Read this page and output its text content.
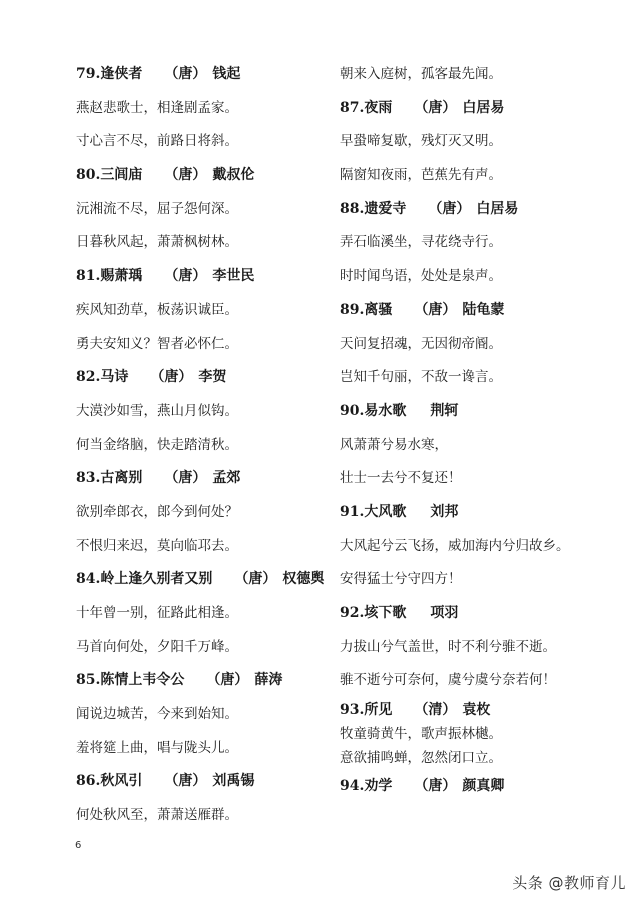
79.逢侠者 （唐） 钱起
燕赵悲歌士，相逢剧孟家。
寸心言不尽，前路日将斜。
80.三闾庙 （唐） 戴叔伦
沅湘流不尽，屈子怨何深。
日暮秋风起，萧萧枫树林。
81.赐萧瑀 （唐） 李世民
疾风知劲草，板荡识诚臣。
勇夫安知义？智者必怀仁。
82.马诗 （唐） 李贺
大漠沙如雪，燕山月似钩。
何当金络脑，快走踏清秋。
83.古离别 （唐） 孟郊
欲别牵郎衣，郎今到何处？
不恨归来迟，莫向临邛去。
84.岭上逢久别者又别 （唐） 权德舆
十年曾一别，征路此相逢。
马首向何处，夕阳千万峰。
85.陈情上韦令公 （唐） 薛涛
闻说边城苦，今来到始知。
羞将筵上曲，唱与陇头儿。
86.秋风引 （唐） 刘禹锡
何处秋风至，萧萧送雁群。
朝来入庭树，孤客最先闻。
87.夜雨 （唐） 白居易
早蛩啼复歇，残灯灭又明。
隔窗知夜雨，芭蕉先有声。
88.遗爱寺 （唐） 白居易
弄石临溪坐，寻花绕寺行。
时时闻鸟语，处处是泉声。
89.离骚 （唐） 陆龟蒙
天问复招魂，无因彻帝阍。
岂知千句丽，不敌一谗言。
90.易水歌 荆轲
风萧萧兮易水寒，
壮士一去兮不复还！
91.大风歌 刘邦
大风起兮云飞扬，威加海内兮归故乡。
安得猛士兮守四方！
92.垓下歌 项羽
力拔山兮气盖世，时不利兮骓不逝。
骓不逝兮可奈何，虞兮虞兮奈若何！
93.所见 （清） 袁枚
牧童骑黄牛，歌声振林樾。
意欲捕鸣蝉，忽然闭口立。
94.劝学 （唐） 颜真卿
6
头条 @教师育儿
